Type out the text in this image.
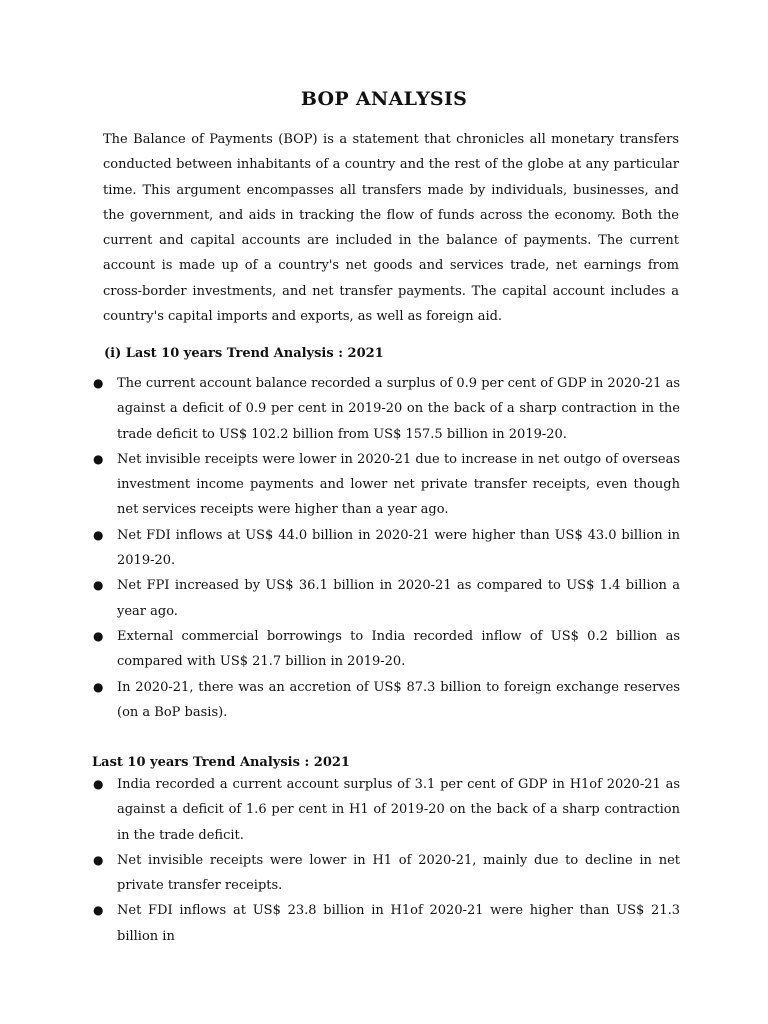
BOP ANALYSIS

The Balance of Payments (BOP) is a statement that chronicles all monetary transfers conducted between inhabitants of a country and the rest of the globe at any particular time. This argument encompasses all transfers made by individuals, businesses, and the government, and aids in tracking the flow of funds across the economy. Both the current and capital accounts are included in the balance of payments. The current account is made up of a country's net goods and services trade, net earnings from cross-border investments, and net transfer payments. The capital account includes a country's capital imports and exports, as well as foreign aid.

(i) Last 10 years Trend Analysis : 2021

● The current account balance recorded a surplus of 0.9 per cent of GDP in 2020-21 as against a deficit of 0.9 per cent in 2019-20 on the back of a sharp contraction in the trade deficit to US$ 102.2 billion from US$ 157.5 billion in 2019-20.
● Net invisible receipts were lower in 2020-21 due to increase in net outgo of overseas investment income payments and lower net private transfer receipts, even though net services receipts were higher than a year ago.
● Net FDI inflows at US$ 44.0 billion in 2020-21 were higher than US$ 43.0 billion in 2019-20.
● Net FPI increased by US$ 36.1 billion in 2020-21 as compared to US$ 1.4 billion a year ago.
● External commercial borrowings to India recorded inflow of US$ 0.2 billion as compared with US$ 21.7 billion in 2019-20.
● In 2020-21, there was an accretion of US$ 87.3 billion to foreign exchange reserves (on a BoP basis).

Last 10 years Trend Analysis : 2021

● India recorded a current account surplus of 3.1 per cent of GDP in H1of 2020-21 as against a deficit of 1.6 per cent in H1 of 2019-20 on the back of a sharp contraction in the trade deficit.
● Net invisible receipts were lower in H1 of 2020-21, mainly due to decline in net private transfer receipts.
● Net FDI inflows at US$ 23.8 billion in H1of 2020-21 were higher than US$ 21.3 billion in
